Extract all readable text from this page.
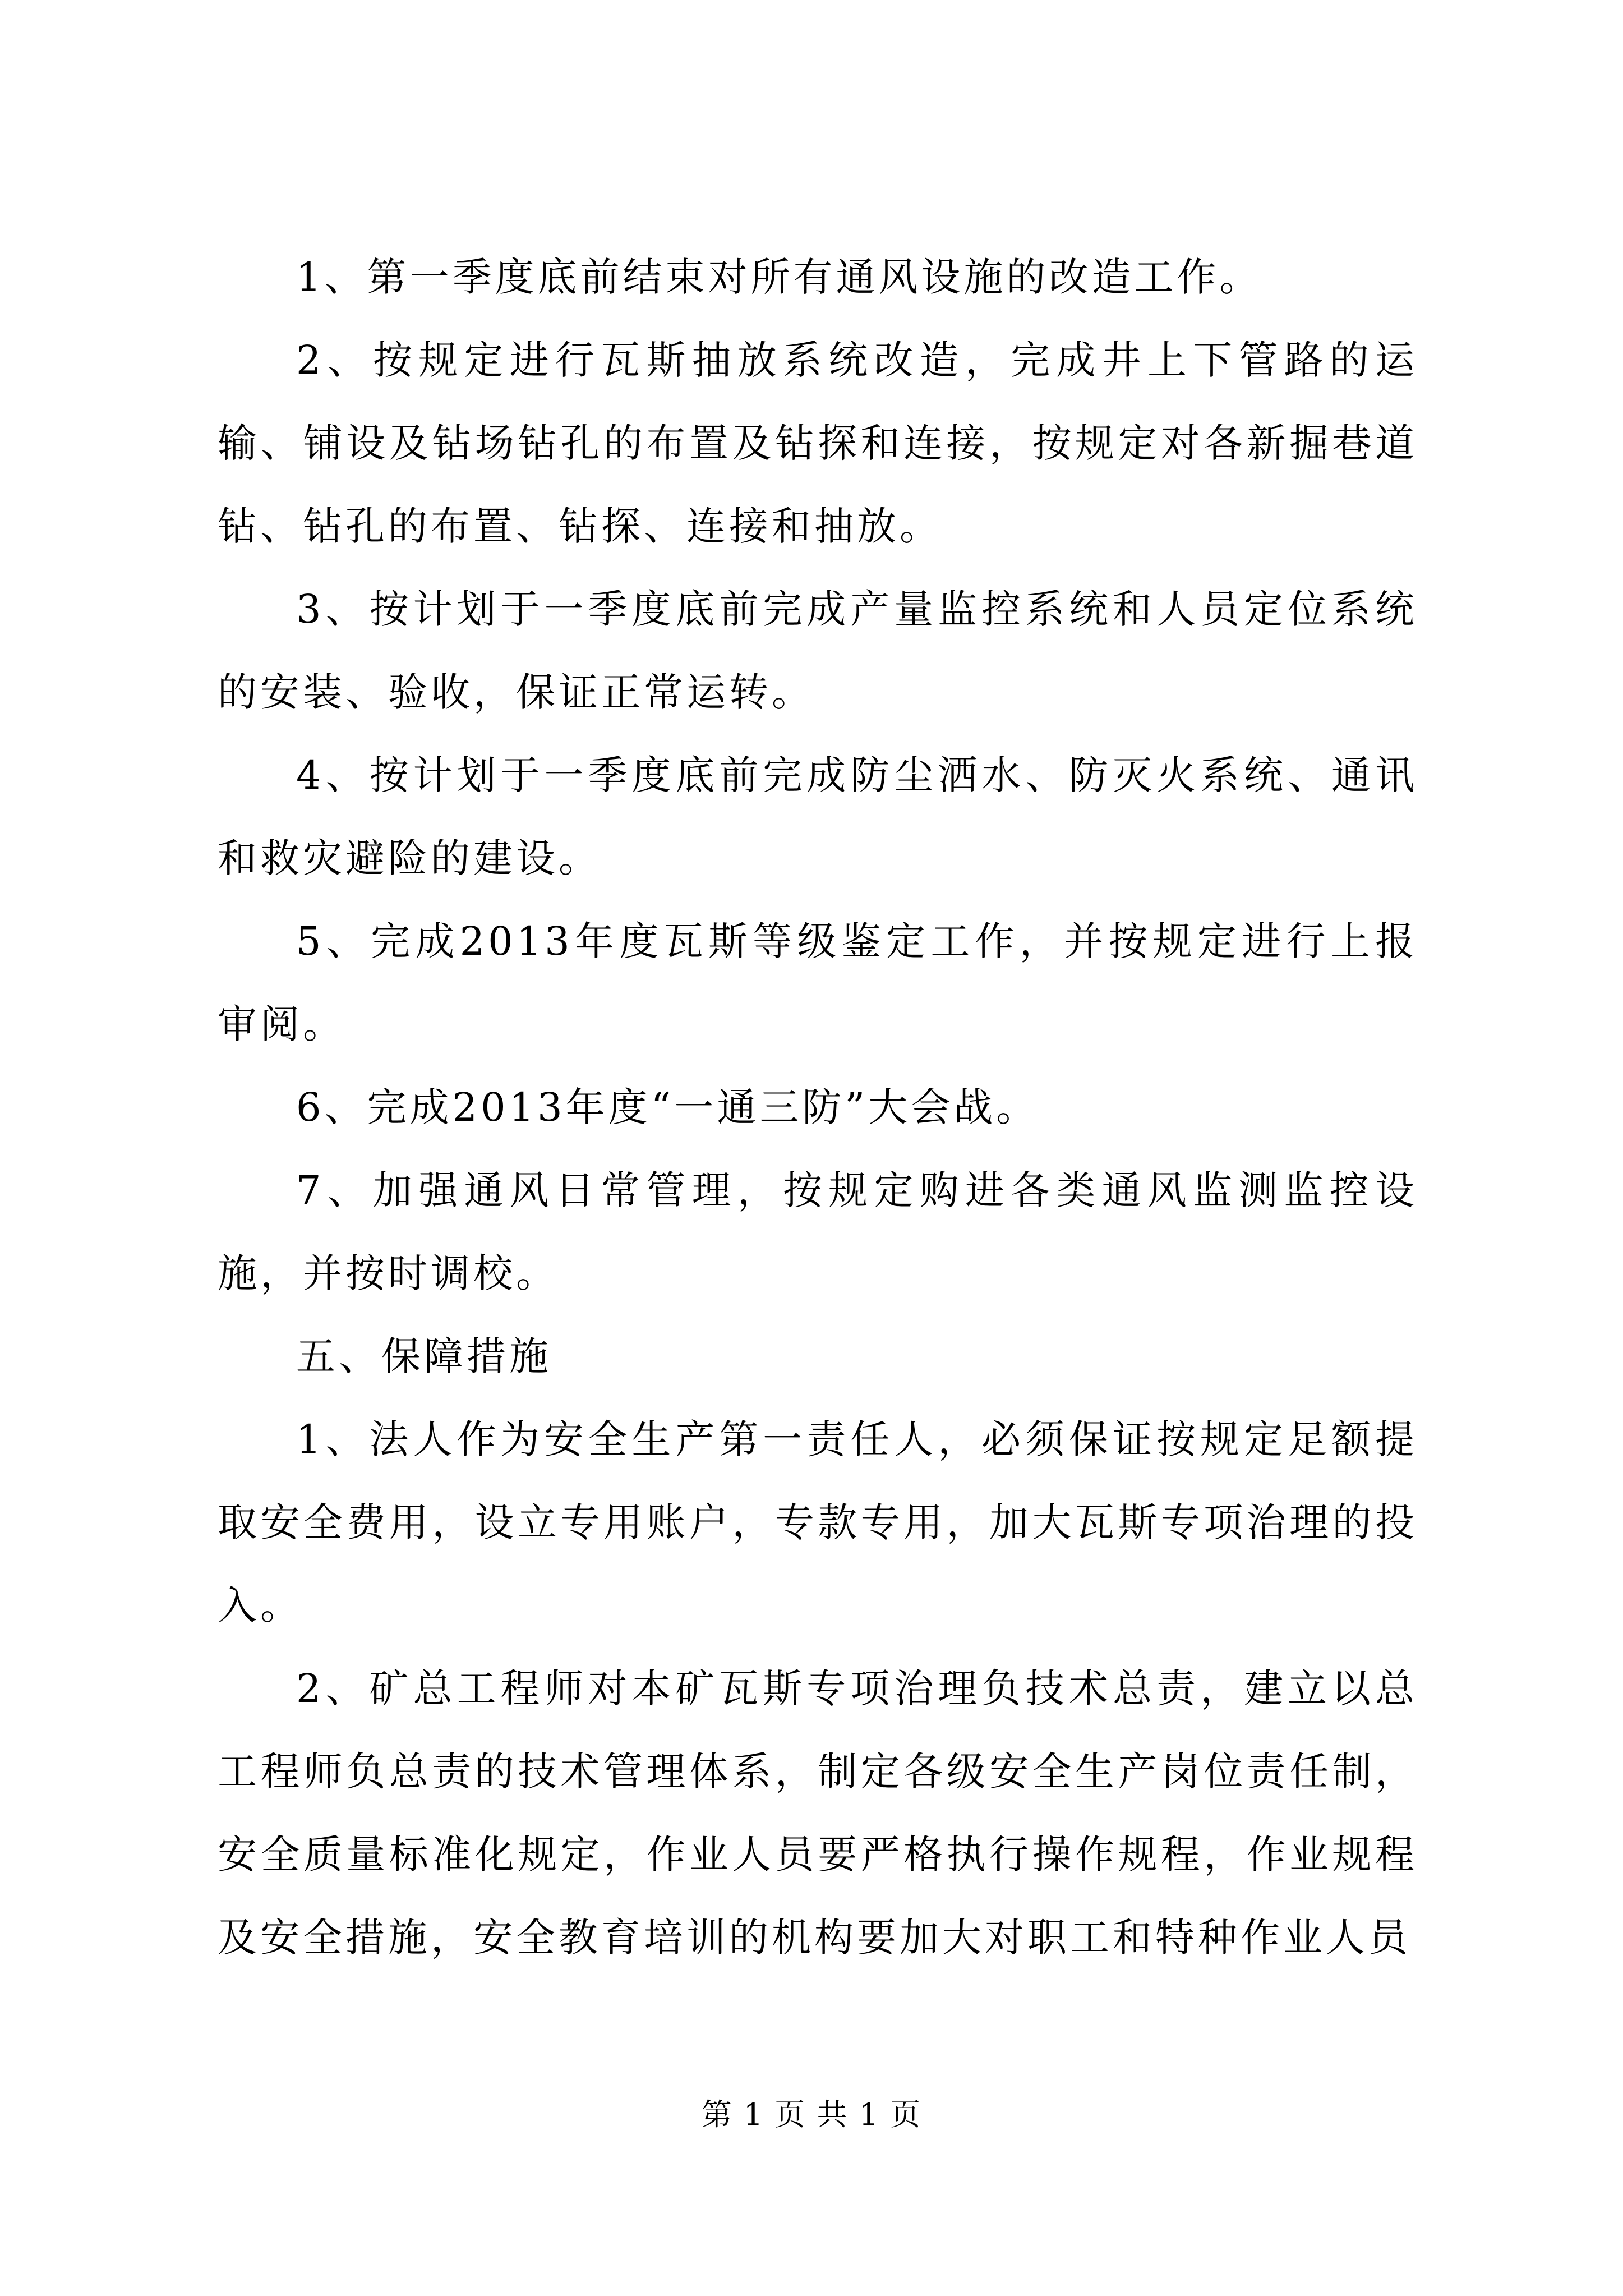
1、第一季度底前结束对所有通风设施的改造工作。

2、按规定进行瓦斯抽放系统改造，完成井上下管路的运输、铺设及钻场钻孔的布置及钻探和连接，按规定对各新掘巷道钻、钻孔的布置、钻探、连接和抽放。

3、按计划于一季度底前完成产量监控系统和人员定位系统的安装、验收，保证正常运转。

4、按计划于一季度底前完成防尘洒水、防灭火系统、通讯和救灾避险的建设。

5、完成2013年度瓦斯等级鉴定工作，并按规定进行上报审阅。

6、完成2013年度“一通三防”大会战。

7、加强通风日常管理，按规定购进各类通风监测监控设施，并按时调校。

五、保障措施

1、法人作为安全生产第一责任人，必须保证按规定足额提取安全费用，设立专用账户，专款专用，加大瓦斯专项治理的投入。

2、矿总工程师对本矿瓦斯专项治理负技术总责，建立以总工程师负总责的技术管理体系，制定各级安全生产岗位责任制，安全质量标准化规定，作业人员要严格执行操作规程，作业规程及安全措施，安全教育培训的机构要加大对职工和特种作业人员

第 1 页 共 1 页
